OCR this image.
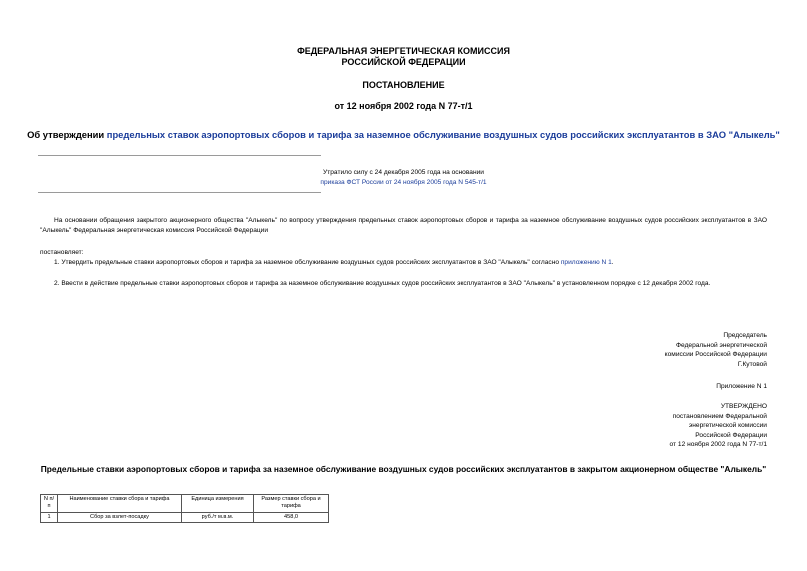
ФЕДЕРАЛЬНАЯ ЭНЕРГЕТИЧЕСКАЯ КОМИССИЯ
РОССИЙСКОЙ ФЕДЕРАЦИИ
ПОСТАНОВЛЕНИЕ
от 12 ноября 2002 года N 77-т/1
Об утверждении предельных ставок аэропортовых сборов и тарифа за наземное обслуживание воздушных судов российских эксплуатантов в ЗАО "Алыкель"
Утратило силу с 24 декабря 2005 года на основании
приказа ФСТ России от 24 ноября 2005 года N 545-т/1
На основании обращения закрытого акционерного общества "Алыкель" по вопросу утверждения предельных ставок аэропортовых сборов и тарифа за наземное обслуживание воздушных судов российских эксплуатантов в ЗАО "Алыкель" Федеральная энергетическая комиссия Российской Федерации
постановляет:
1. Утвердить предельные ставки аэропортовых сборов и тарифа за наземное обслуживание воздушных судов российских эксплуатантов в ЗАО "Алыкель" согласно приложению N 1.
2. Ввести в действие предельные ставки аэропортовых сборов и тарифа за наземное обслуживание воздушных судов российских эксплуатантов в ЗАО "Алыкель" в установленном порядке с 12 декабря 2002 года.
Председатель
Федеральной энергетической
комиссии Российской Федерации
Г.Кутовой
Приложение N 1
УТВЕРЖДЕНО
постановлением Федеральной
энергетической комиссии
Российской Федерации
от 12 ноября 2002 года N 77-т/1
Предельные ставки аэропортовых сборов и тарифа за наземное обслуживание воздушных судов российских эксплуатантов в закрытом акционерном обществе "Алыкель"
N п/п	Наименование ставки сбора и тарифа	Единица измерения	Размер ставки сбора и тарифа
1	Сбор за взлет-посадку	руб./т м.в.м.	458,0
